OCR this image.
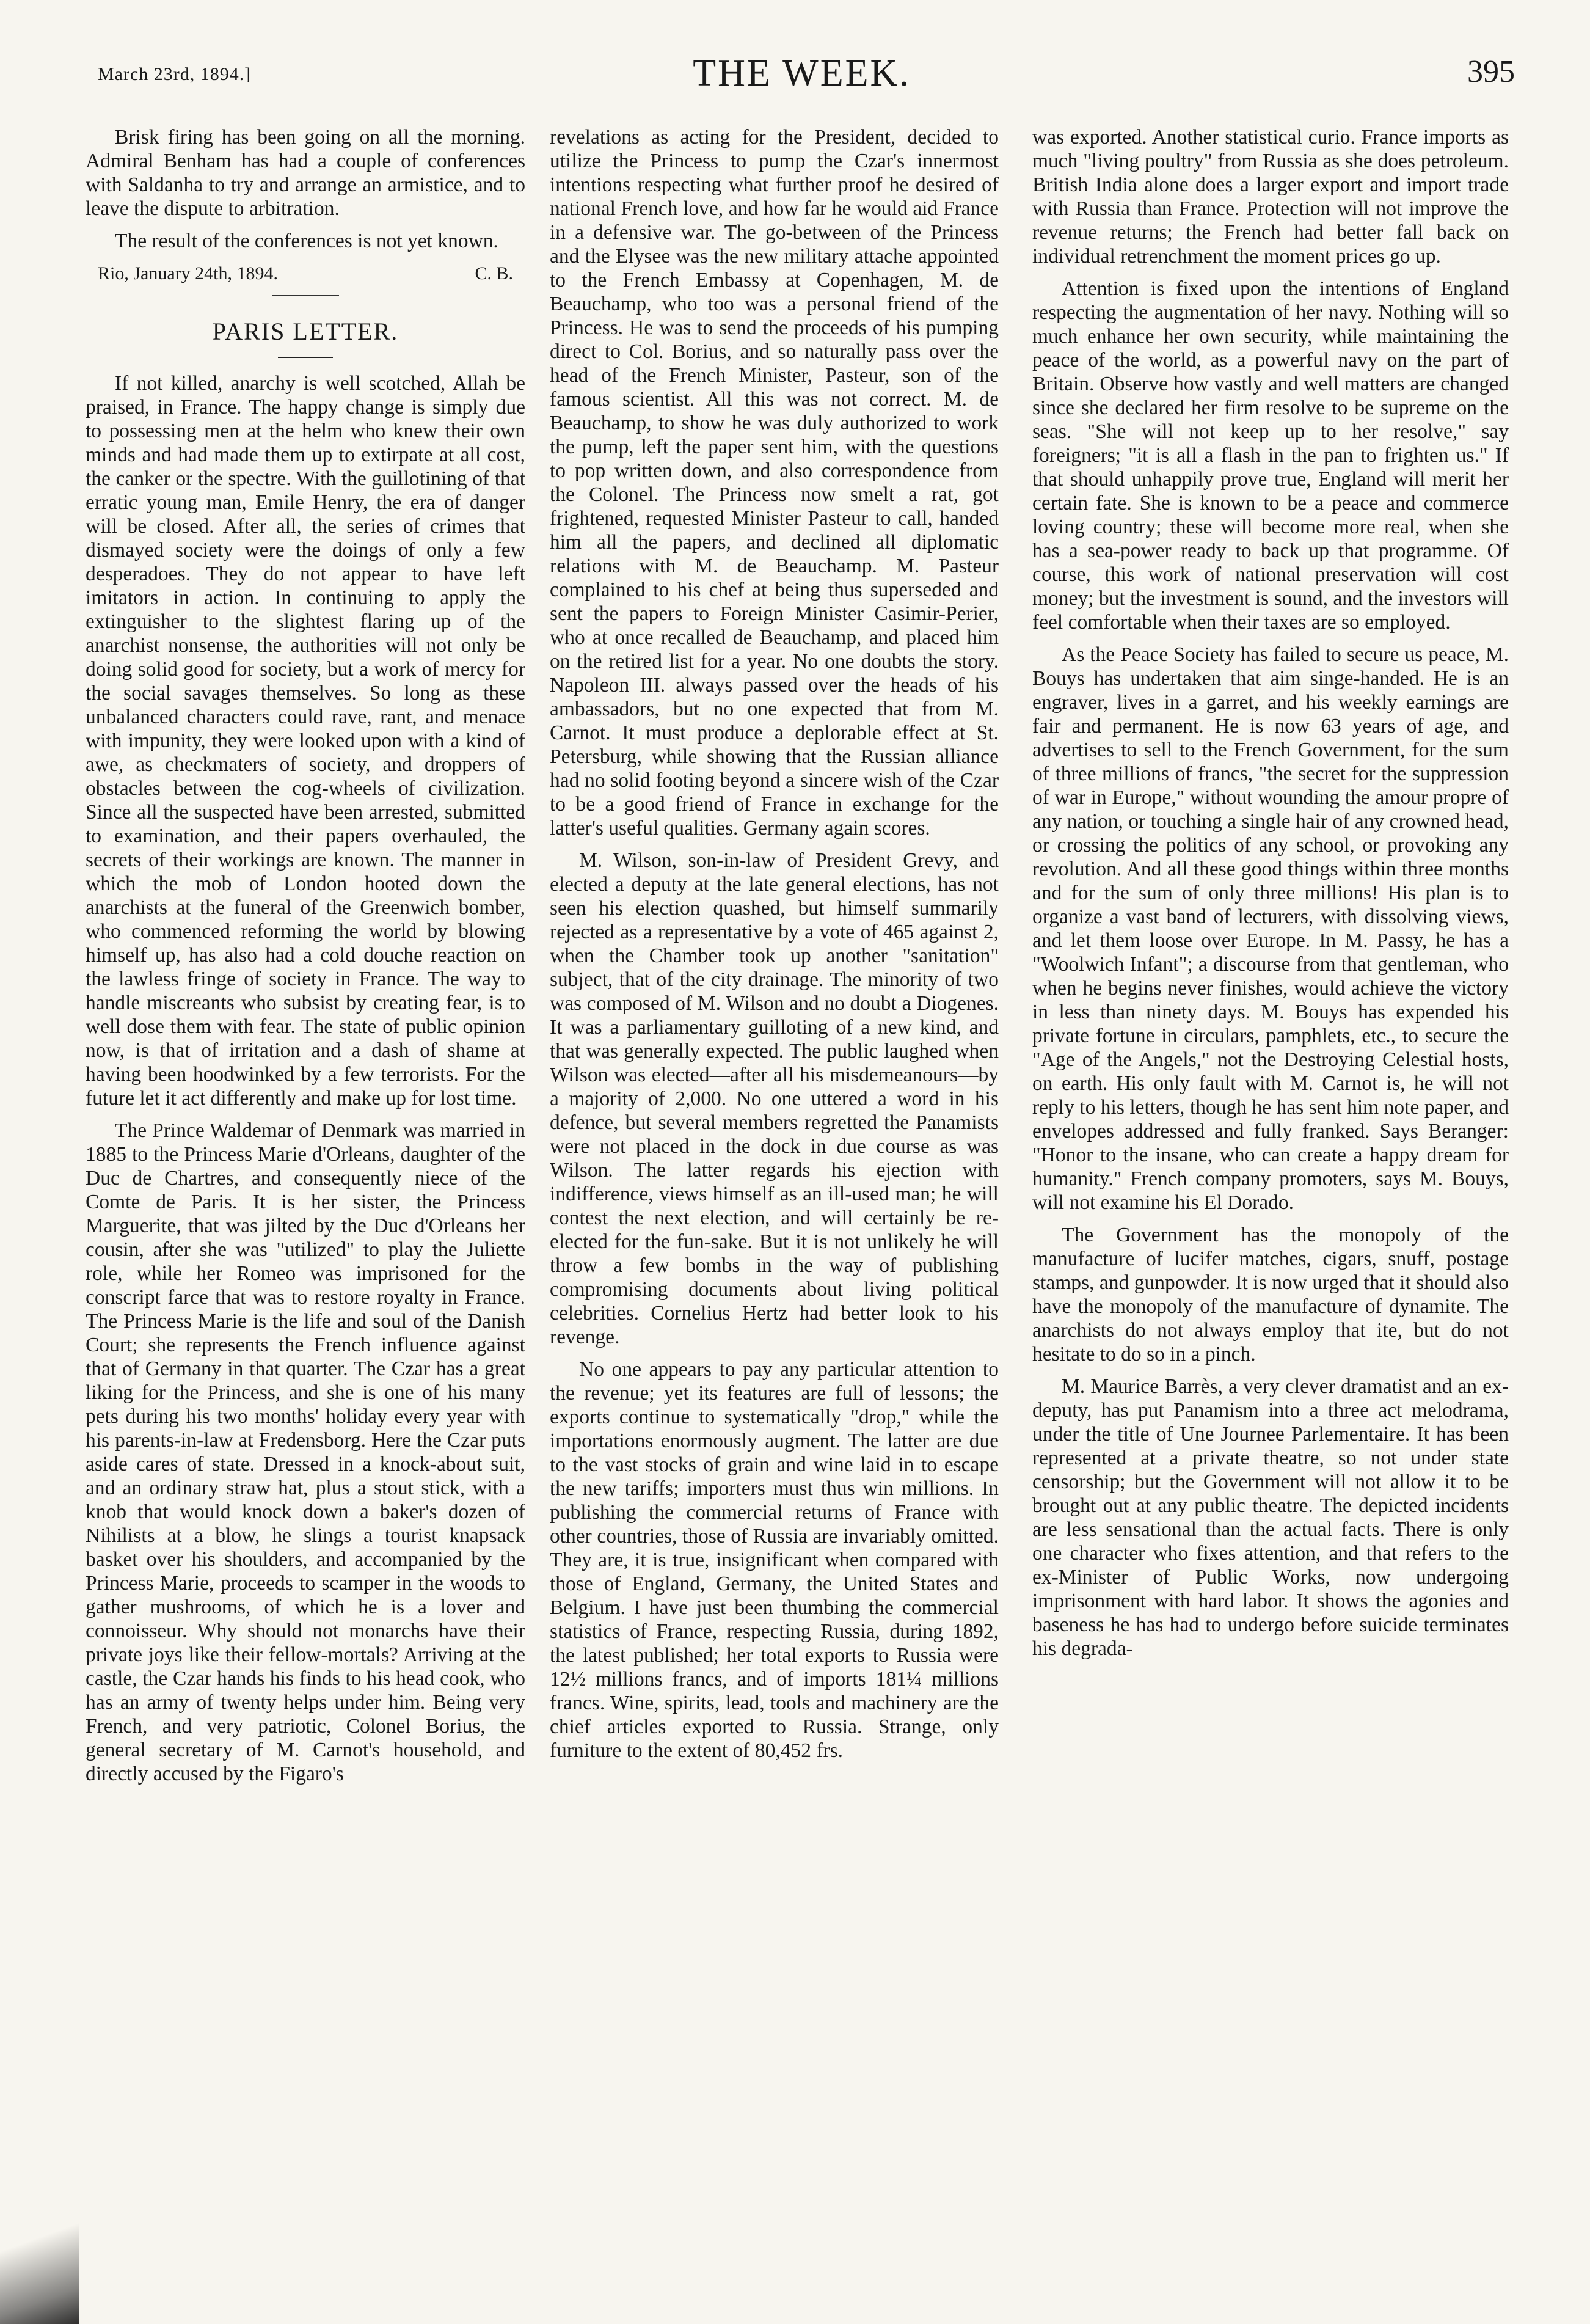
March 23rd, 1894.]	THE WEEK.	395

Brisk firing has been going on all the morning. Admiral Benham has had a couple of conferences with Saldanha to try and arrange an armistice, and to leave the dispute to arbitration.

The result of the conferences is not yet known.

Rio, January 24th, 1894.	C. B.
PARIS LETTER.

If not killed, anarchy is well scotched, Allah be praised, in France. The happy change is simply due to possessing men at the helm who knew their own minds and had made them up to extirpate at all cost, the canker or the spectre. With the guillotining of that erratic young man, Emile Henry, the era of danger will be closed. After all, the series of crimes that dismayed society were the doings of only a few desperadoes. They do not appear to have left imitators in action. In continuing to apply the extinguisher to the slightest flaring up of the anarchist nonsense, the authorities will not only be doing solid good for society, but a work of mercy for the social savages themselves. So long as these unbalanced characters could rave, rant, and menace with impunity, they were looked upon with a kind of awe, as checkmaters of society, and droppers of obstacles between the cog-wheels of civilization. Since all the suspected have been arrested, submitted to examination, and their papers overhauled, the secrets of their workings are known. The manner in which the mob of London hooted down the anarchists at the funeral of the Greenwich bomber, who commenced reforming the world by blowing himself up, has also had a cold douche reaction on the lawless fringe of society in France. The way to handle miscreants who subsist by creating fear, is to well dose them with fear. The state of public opinion now, is that of irritation and a dash of shame at having been hoodwinked by a few terrorists. For the future let it act differently and make up for lost time.

The Prince Waldemar of Denmark was married in 1885 to the Princess Marie d'Orleans, daughter of the Duc de Chartres, and consequently niece of the Comte de Paris. It is her sister, the Princess Marguerite, that was jilted by the Duc d'Orleans her cousin, after she was "utilized" to play the Juliette role, while her Romeo was imprisoned for the conscript farce that was to restore royalty in France. The Princess Marie is the life and soul of the Danish Court; she represents the French influence against that of Germany in that quarter. The Czar has a great liking for the Princess, and she is one of his many pets during his two months' holiday every year with his parents-in-law at Fredensborg. Here the Czar puts aside cares of state. Dressed in a knock-about suit, and an ordinary straw hat, plus a stout stick, with a knob that would knock down a baker's dozen of Nihilists at a blow, he slings a tourist knapsack basket over his shoulders, and accompanied by the Princess Marie, proceeds to scamper in the woods to gather mushrooms, of which he is a lover and connoisseur. Why should not monarchs have their private joys like their fellow-mortals? Arriving at the castle, the Czar hands his finds to his head cook, who has an army of twenty helps under him. Being very French, and very patriotic, Colonel Borius, the general secretary of M. Carnot's household, and directly accused by the Figaro's

revelations as acting for the President, decided to utilize the Princess to pump the Czar's innermost intentions respecting what further proof he desired of national French love, and how far he would aid France in a defensive war. The go-between of the Princess and the Elysee was the new military attache appointed to the French Embassy at Copenhagen, M. de Beauchamp, who too was a personal friend of the Princess. He was to send the proceeds of his pumping direct to Col. Borius, and so naturally pass over the head of the French Minister, Pasteur, son of the famous scientist. All this was not correct. M. de Beauchamp, to show he was duly authorized to work the pump, left the paper sent him, with the questions to pop written down, and also correspondence from the Colonel. The Princess now smelt a rat, got frightened, requested Minister Pasteur to call, handed him all the papers, and declined all diplomatic relations with M. de Beauchamp. M. Pasteur complained to his chef at being thus superseded and sent the papers to Foreign Minister Casimir-Perier, who at once recalled de Beauchamp, and placed him on the retired list for a year. No one doubts the story. Napoleon III. always passed over the heads of his ambassadors, but no one expected that from M. Carnot. It must produce a deplorable effect at St. Petersburg, while showing that the Russian alliance had no solid footing beyond a sincere wish of the Czar to be a good friend of France in exchange for the latter's useful qualities. Germany again scores.

M. Wilson, son-in-law of President Grevy, and elected a deputy at the late general elections, has not seen his election quashed, but himself summarily rejected as a representative by a vote of 465 against 2, when the Chamber took up another "sanitation" subject, that of the city drainage. The minority of two was composed of M. Wilson and no doubt a Diogenes. It was a parliamentary guilloting of a new kind, and that was generally expected. The public laughed when Wilson was elected—after all his misdemeanours—by a majority of 2,000. No one uttered a word in his defence, but several members regretted the Panamists were not placed in the dock in due course as was Wilson. The latter regards his ejection with indifference, views himself as an ill-used man; he will contest the next election, and will certainly be re-elected for the fun-sake. But it is not unlikely he will throw a few bombs in the way of publishing compromising documents about living political celebrities. Cornelius Hertz had better look to his revenge.

No one appears to pay any particular attention to the revenue; yet its features are full of lessons; the exports continue to systematically "drop," while the importations enormously augment. The latter are due to the vast stocks of grain and wine laid in to escape the new tariffs; importers must thus win millions. In publishing the commercial returns of France with other countries, those of Russia are invariably omitted. They are, it is true, insignificant when compared with those of England, Germany, the United States and Belgium. I have just been thumbing the commercial statistics of France, respecting Russia, during 1892, the latest published; her total exports to Russia were 12½ millions francs, and of imports 181¼ millions francs. Wine, spirits, lead, tools and machinery are the chief articles exported to Russia. Strange, only furniture to the extent of 80,452 frs.

was exported. Another statistical curio. France imports as much "living poultry" from Russia as she does petroleum. British India alone does a larger export and import trade with Russia than France. Protection will not improve the revenue returns; the French had better fall back on individual retrenchment the moment prices go up.

Attention is fixed upon the intentions of England respecting the augmentation of her navy. Nothing will so much enhance her own security, while maintaining the peace of the world, as a powerful navy on the part of Britain. Observe how vastly and well matters are changed since she declared her firm resolve to be supreme on the seas. "She will not keep up to her resolve," say foreigners; "it is all a flash in the pan to frighten us." If that should unhappily prove true, England will merit her certain fate. She is known to be a peace and commerce loving country; these will become more real, when she has a sea-power ready to back up that programme. Of course, this work of national preservation will cost money; but the investment is sound, and the investors will feel comfortable when their taxes are so employed.

As the Peace Society has failed to secure us peace, M. Bouys has undertaken that aim singe-handed. He is an engraver, lives in a garret, and his weekly earnings are fair and permanent. He is now 63 years of age, and advertises to sell to the French Government, for the sum of three millions of francs, "the secret for the suppression of war in Europe," without wounding the amour propre of any nation, or touching a single hair of any crowned head, or crossing the politics of any school, or provoking any revolution. And all these good things within three months and for the sum of only three millions! His plan is to organize a vast band of lecturers, with dissolving views, and let them loose over Europe. In M. Passy, he has a "Woolwich Infant"; a discourse from that gentleman, who when he begins never finishes, would achieve the victory in less than ninety days. M. Bouys has expended his private fortune in circulars, pamphlets, etc., to secure the "Age of the Angels," not the Destroying Celestial hosts, on earth. His only fault with M. Carnot is, he will not reply to his letters, though he has sent him note paper, and envelopes addressed and fully franked. Says Beranger: "Honor to the insane, who can create a happy dream for humanity." French company promoters, says M. Bouys, will not examine his El Dorado.

The Government has the monopoly of the manufacture of lucifer matches, cigars, snuff, postage stamps, and gunpowder. It is now urged that it should also have the monopoly of the manufacture of dynamite. The anarchists do not always employ that ite, but do not hesitate to do so in a pinch.

M. Maurice Barrès, a very clever dramatist and an ex-deputy, has put Panamism into a three act melodrama, under the title of Une Journee Parlementaire. It has been represented at a private theatre, so not under state censorship; but the Government will not allow it to be brought out at any public theatre. The depicted incidents are less sensational than the actual facts. There is only one character who fixes attention, and that refers to the ex-Minister of Public Works, now undergoing imprisonment with hard labor. It shows the agonies and baseness he has had to undergo before suicide terminates his degrada-
